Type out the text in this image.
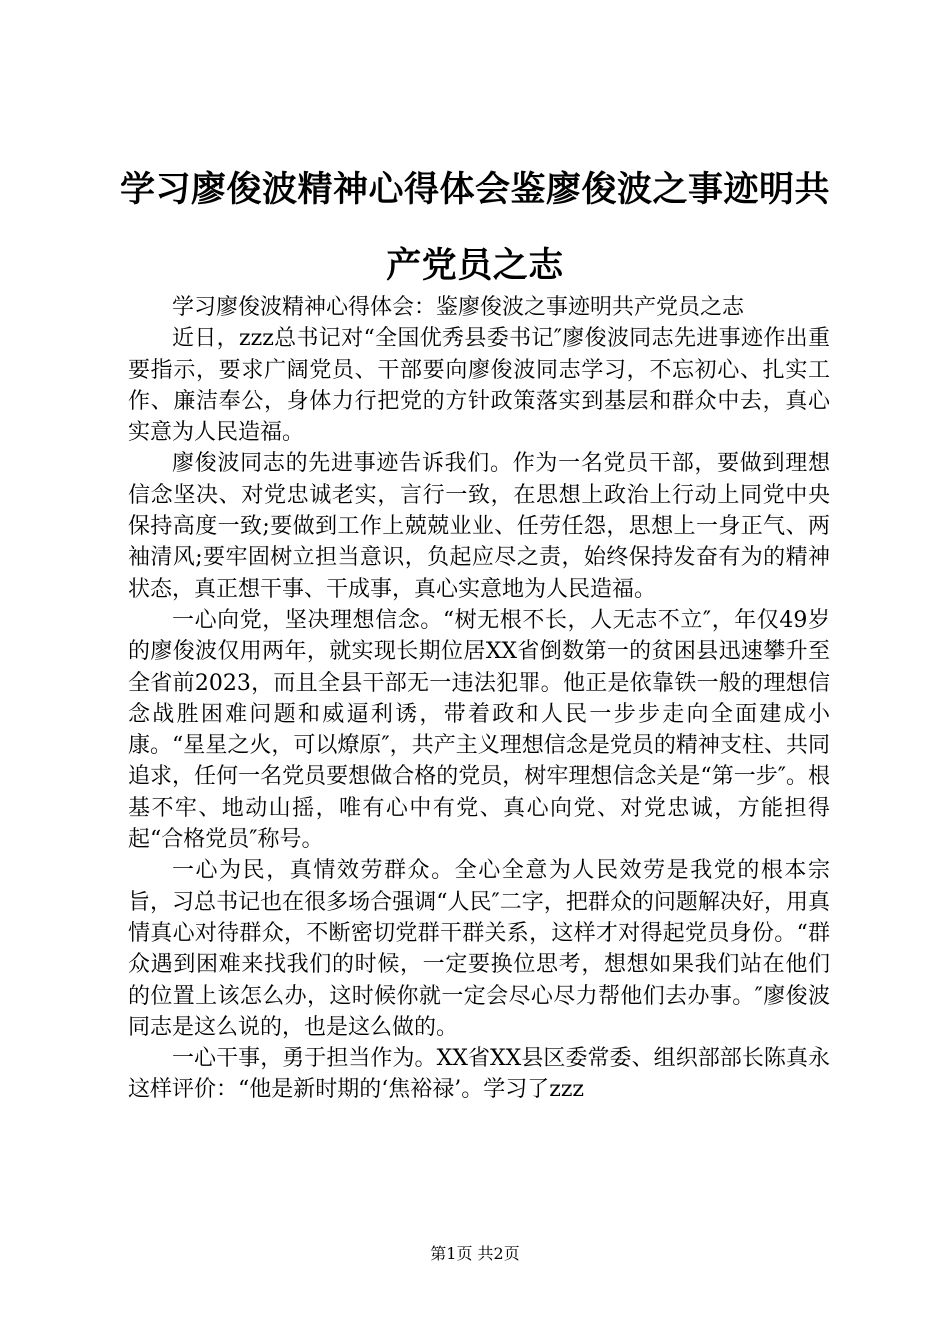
学习廖俊波精神心得体会鉴廖俊波之事迹明共产党员之志

学习廖俊波精神心得体会：鉴廖俊波之事迹明共产党员之志

近日，zzz总书记对“全国优秀县委书记″廖俊波同志先进事迹作出重要指示，要求广阔党员、干部要向廖俊波同志学习，不忘初心、扎实工作、廉洁奉公，身体力行把党的方针政策落实到基层和群众中去，真心实意为人民造福。

廖俊波同志的先进事迹告诉我们。作为一名党员干部，要做到理想信念坚决、对党忠诚老实，言行一致，在思想上政治上行动上同党中央保持高度一致;要做到工作上兢兢业业、任劳任怨，思想上一身正气、两袖清风;要牢固树立担当意识，负起应尽之责，始终保持发奋有为的精神状态，真正想干事、干成事，真心实意地为人民造福。

一心向党，坚决理想信念。“树无根不长，人无志不立″，年仅49岁的廖俊波仅用两年，就实现长期位居XX省倒数第一的贫困县迅速攀升至全省前2023，而且全县干部无一违法犯罪。他正是依靠铁一般的理想信念战胜困难问题和威逼利诱，带着政和人民一步步走向全面建成小康。“星星之火，可以燎原″，共产主义理想信念是党员的精神支柱、共同追求，任何一名党员要想做合格的党员，树牢理想信念关是“第一步″。根基不牢、地动山摇，唯有心中有党、真心向党、对党忠诚，方能担得起“合格党员″称号。

一心为民，真情效劳群众。全心全意为人民效劳是我党的根本宗旨，习总书记也在很多场合强调“人民″二字，把群众的问题解决好，用真情真心对待群众，不断密切党群干群关系，这样才对得起党员身份。“群众遇到困难来找我们的时候，一定要换位思考，想想如果我们站在他们的位置上该怎么办，这时候你就一定会尽心尽力帮他们去办事。″廖俊波同志是这么说的，也是这么做的。

一心干事，勇于担当作为。XX省XX县区委常委、组织部部长陈真永这样评价：“他是新时期的‘焦裕禄’。学习了zzz

第1页 共2页
